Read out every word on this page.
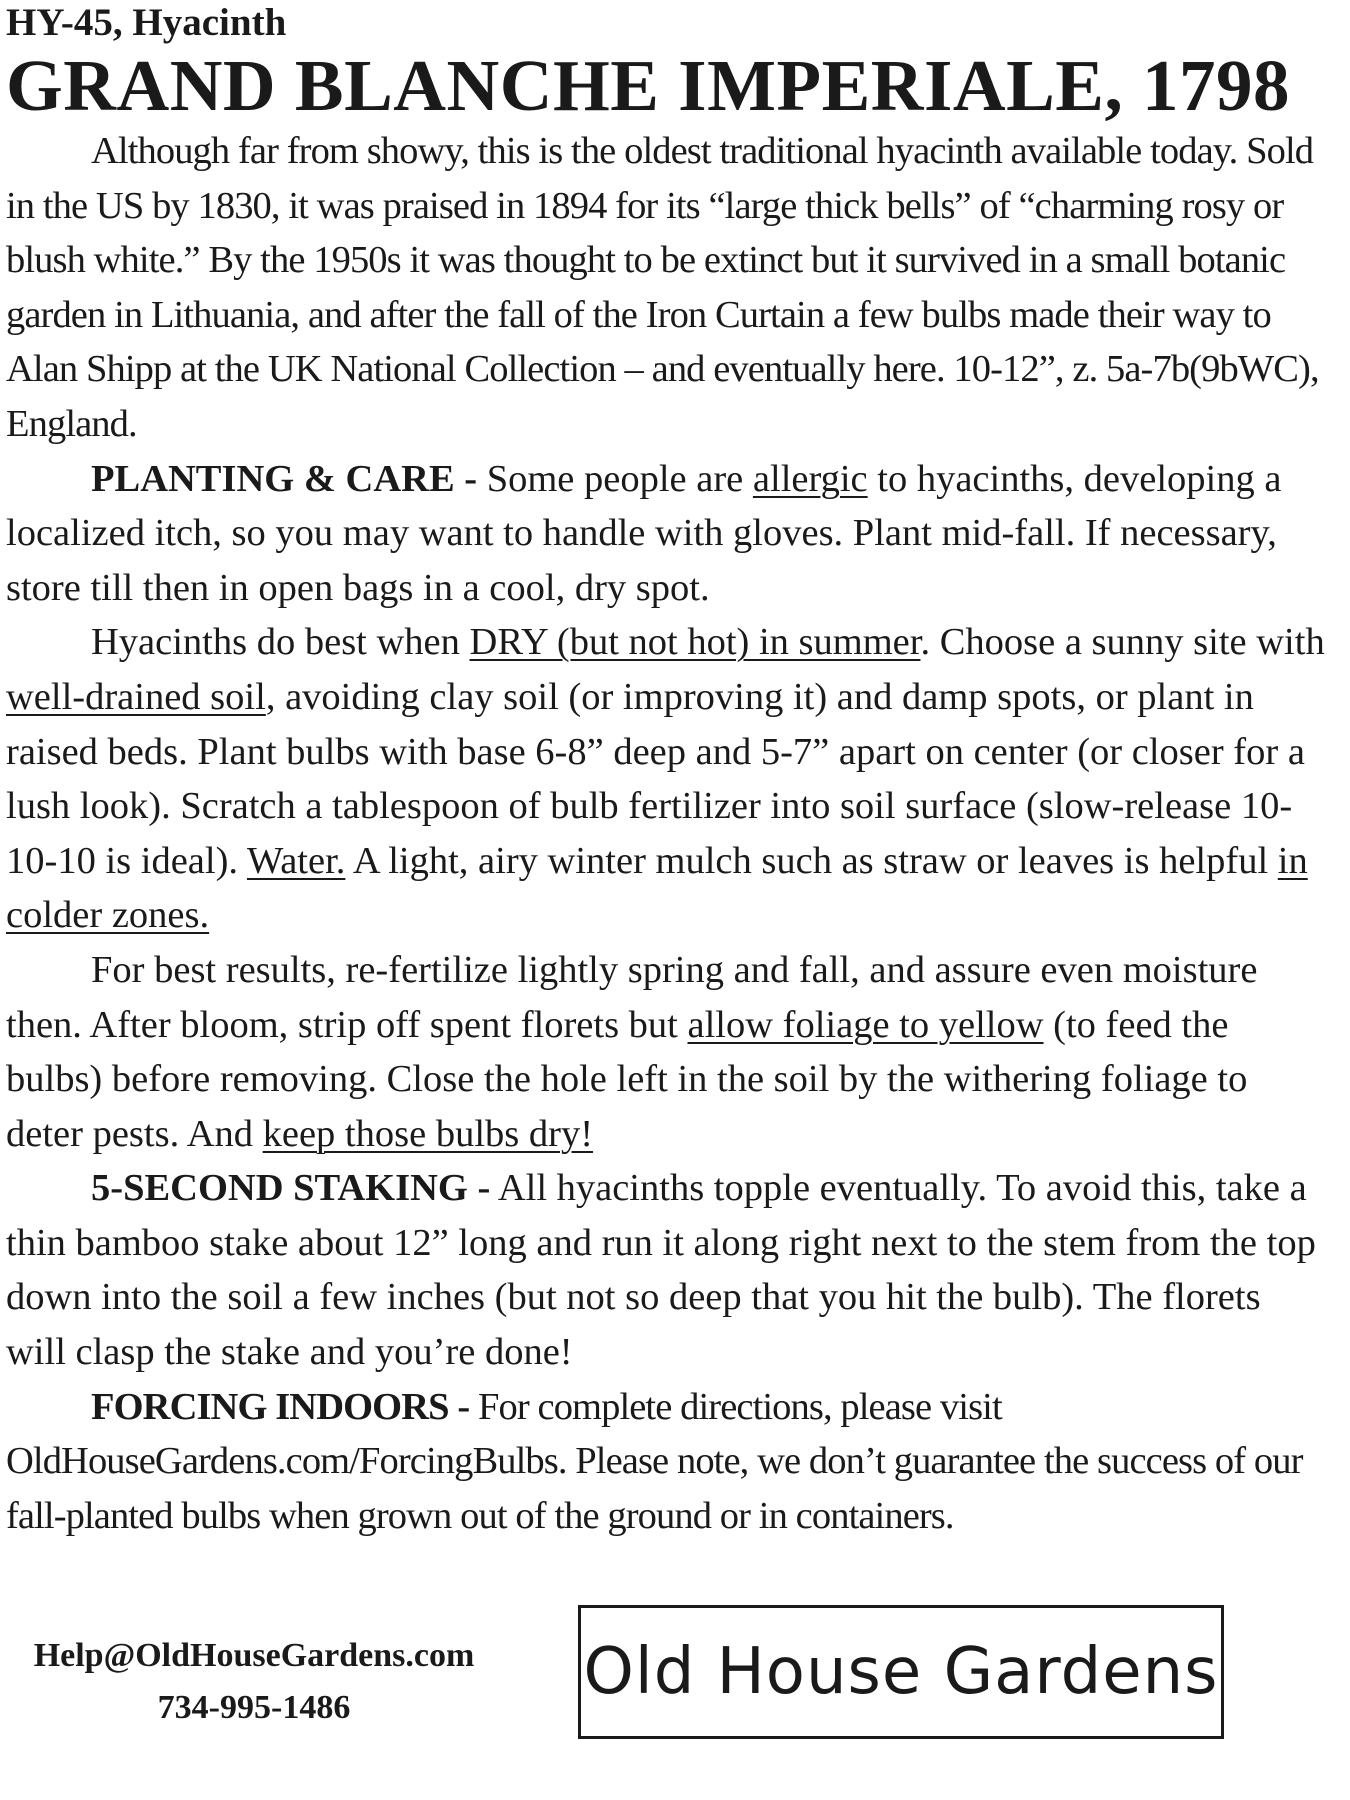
HY-45, Hyacinth

GRAND BLANCHE IMPERIALE, 1798

Although far from showy, this is the oldest traditional hyacinth available today. Sold in the US by 1830, it was praised in 1894 for its “large thick bells” of “charming rosy or blush white.” By the 1950s it was thought to be extinct but it survived in a small botanic garden in Lithuania, and after the fall of the Iron Curtain a few bulbs made their way to Alan Shipp at the UK National Collection – and eventually here. 10-12”, z. 5a-7b(9bWC), England.

PLANTING & CARE - Some people are allergic to hyacinths, developing a localized itch, so you may want to handle with gloves. Plant mid-fall. If necessary, store till then in open bags in a cool, dry spot.

Hyacinths do best when DRY (but not hot) in summer. Choose a sunny site with well-drained soil, avoiding clay soil (or improving it) and damp spots, or plant in raised beds. Plant bulbs with base 6-8” deep and 5-7” apart on center (or closer for a lush look). Scratch a tablespoon of bulb fertilizer into soil surface (slow-release 10-10-10 is ideal). Water. A light, airy winter mulch such as straw or leaves is helpful in colder zones.

For best results, re-fertilize lightly spring and fall, and assure even moisture then. After bloom, strip off spent florets but allow foliage to yellow (to feed the bulbs) before removing. Close the hole left in the soil by the withering foliage to deter pests. And keep those bulbs dry!

5-SECOND STAKING - All hyacinths topple eventually. To avoid this, take a thin bamboo stake about 12” long and run it along right next to the stem from the top down into the soil a few inches (but not so deep that you hit the bulb). The florets will clasp the stake and you’re done!

FORCING INDOORS - For complete directions, please visit OldHouseGardens.com/ForcingBulbs. Please note, we don’t guarantee the success of our fall-planted bulbs when grown out of the ground or in containers.

Help@OldHouseGardens.com
734-995-1486	Old House Gardens
